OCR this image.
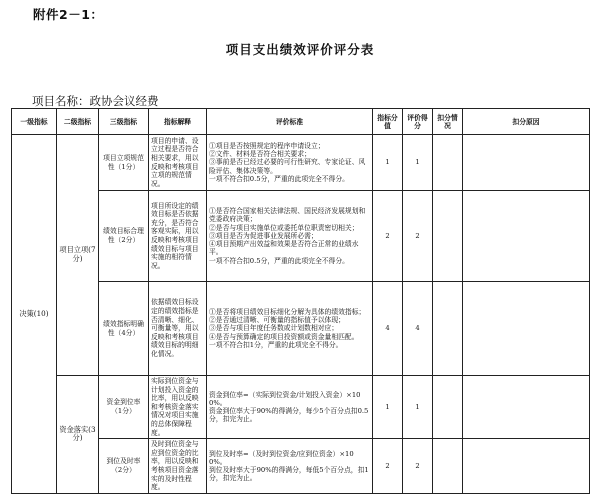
附件2－1：
项目支出绩效评价评分表
项目名称：政协会议经费
一级指标	二级指标	三级指标	指标解释	评价标准	指标分值	评价得分	扣分情况	扣分原因
决策(10)	项目立项(7分)	项目立项规范性（1分）	项目的申请、设立过程是否符合相关要求，用以反映和考核项目立项的规范情况。	①项目是否按照规定的程序申请设立；
②文件、材料是否符合相关要求；
③事前是否已经过必要的可行性研究、专家论证、风险评估、集体决策等。
一项不符合扣0.5分，严重的此项完全不得分。	1	1		
		绩效目标合理性（2分）	项目所设定的绩效目标是否依据充分，是否符合客观实际，用以反映和考核项目绩效目标与项目实施的相符情况。	①是否符合国家相关法律法规、国民经济发展规划和党委政府决策；
②是否与项目实施单位或委托单位职责密切相关；
③项目是否为促进事业发展所必需；
④项目预期产出效益和效果是否符合正常的业绩水平。
一项不符合扣0.5分，严重的此项完全不得分。	2	2		
		绩效指标明确性（4分）	依据绩效目标设定的绩效指标是否清晰、细化、可衡量等，用以反映和考核项目绩效目标的明细化情况。	①是否将项目绩效目标细化分解为具体的绩效指标；
②是否通过清晰、可衡量的指标值予以体现；
③是否与项目年度任务数或计划数相对应；
④是否与预算确定的项目投资额或资金量相匹配。
一项不符合扣1分，严重的此项完全不得分。	4	4		
	资金落实(3分)	资金到位率（1分）	实际到位资金与计划投入资金的比率，用以反映和考核资金落实情况对项目实施的总体保障程度。	资金到位率=（实际到位资金/计划投入资金）×100%。
资金到位率大于90%的得满分，每少5个百分点扣0.5分，扣完为止。	1	1		
		到位及时率（2分）	及时到位资金与应到位资金的比率，用以反映和考核项目资金落实的及时性程度。	到位及时率=（及时到位资金/应到位资金）×100%。
到位及时率大于90%的得满分，每低5个百分点，扣1分，扣完为止。	2	2		
